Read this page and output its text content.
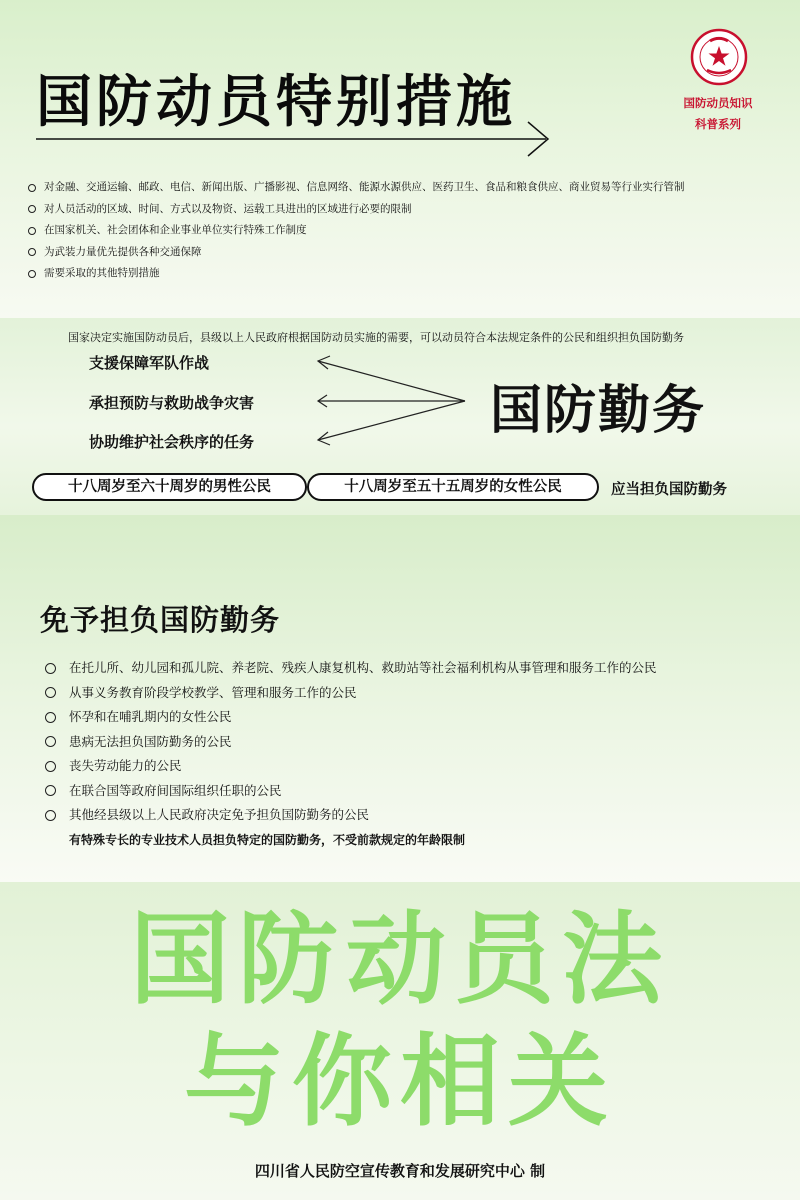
国防动员特别措施	国防动员知识
科普系列
对金融、交通运输、邮政、电信、新闻出版、广播影视、信息网络、能源水源供应、医药卫生、食品和粮食供应、商业贸易等行业实行管制
对人员活动的区域、时间、方式以及物资、运载工具进出的区域进行必要的限制
在国家机关、社会团体和企业事业单位实行特殊工作制度
为武装力量优先提供各种交通保障
需要采取的其他特别措施
国家决定实施国防动员后，县级以上人民政府根据国防动员实施的需要，可以动员符合本法规定条件的公民和组织担负国防勤务
支援保障军队作战
承担预防与救助战争灾害
协助维护社会秩序的任务
国防勤务
十八周岁至六十周岁的男性公民	十八周岁至五十五周岁的女性公民	应当担负国防勤务
免予担负国防勤务
在托儿所、幼儿园和孤儿院、养老院、残疾人康复机构、救助站等社会福利机构从事管理和服务工作的公民
从事义务教育阶段学校教学、管理和服务工作的公民
怀孕和在哺乳期内的女性公民
患病无法担负国防勤务的公民
丧失劳动能力的公民
在联合国等政府间国际组织任职的公民
其他经县级以上人民政府决定免予担负国防勤务的公民
有特殊专长的专业技术人员担负特定的国防勤务，不受前款规定的年龄限制
国防动员法
与你相关
四川省人民防空宣传教育和发展研究中心 制
